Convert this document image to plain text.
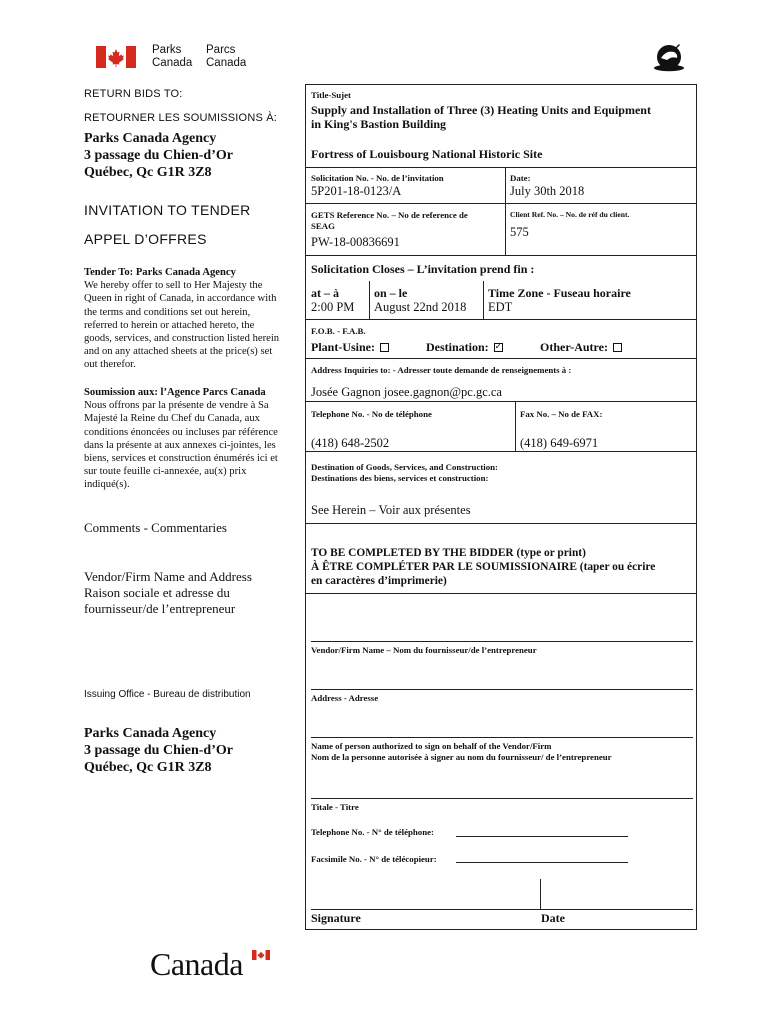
Parks
Canada
Parcs
Canada
RETURN BIDS TO:
RETOURNER LES SOUMISSIONS À:
Parks Canada Agency
3 passage du Chien-d’Or
Québec, Qc G1R 3Z8
INVITATION TO TENDER
APPEL D’OFFRES
Tender To: Parks Canada Agency
We hereby offer to sell to Her Majesty the
Queen in right of Canada, in accordance with
the terms and conditions set out herein,
referred to herein or attached hereto, the
goods, services, and construction listed herein
and on any attached sheets at the price(s) set
out therefor.
Soumission aux: l’Agence Parcs Canada
Nous offrons par la présente de vendre à Sa
Majesté la Reine du Chef du Canada, aux
conditions énoncées ou incluses par référence
dans la présente at aux annexes ci-jointes, les
biens, services et construction énumérés ici et
sur toute feuille ci-annexée, au(x) prix
indiqué(s).
Comments - Commentaries
Vendor/Firm Name and Address
Raison sociale et adresse du
fournisseur/de l’entrepreneur
Issuing Office - Bureau de distribution
Parks Canada Agency
3 passage du Chien-d’Or
Québec, Qc G1R 3Z8
Title-Sujet
Supply and Installation of Three (3) Heating Units and Equipment
in King's Bastion Building
Fortress of Louisbourg National Historic Site
Solicitation No. - No. de l’invitation
5P201-18-0123/A
Date:
July 30th 2018
GETS Reference No. – No de reference de
SEAG
PW-18-00836691
Client Ref. No. – No. de réf du client.
575
Solicitation Closes – L’invitation prend fin :
at – à
2:00 PM
on – le
August 22nd 2018
Time Zone - Fuseau horaire
EDT
F.O.B. - F.A.B.
Plant-Usine:	Destination:✓	Other-Autre:
Address Inquiries to: - Adresser toute demande de renseignements à :
Josée Gagnon josee.gagnon@pc.gc.ca
Telephone No. - No de téléphone
(418) 648-2502
Fax No. – No de FAX:
(418) 649-6971
Destination of Goods, Services, and Construction:
Destinations des biens, services et construction:
See Herein – Voir aux présentes
TO BE COMPLETED BY THE BIDDER (type or print)
À ÊTRE COMPLÉTER PAR LE SOUMISSIONAIRE (taper ou écrire
en caractères d’imprimerie)
Vendor/Firm Name – Nom du fournisseur/de l’entrepreneur
Address - Adresse
Name of person authorized to sign on behalf of the Vendor/Firm
Nom de la personne autorisée à signer au nom du fournisseur/ de l’entrepreneur
Titale - Titre
Telephone No. - N° de téléphone:
Facsimile No. - N° de télécopieur:
Signature	Date
Canada
